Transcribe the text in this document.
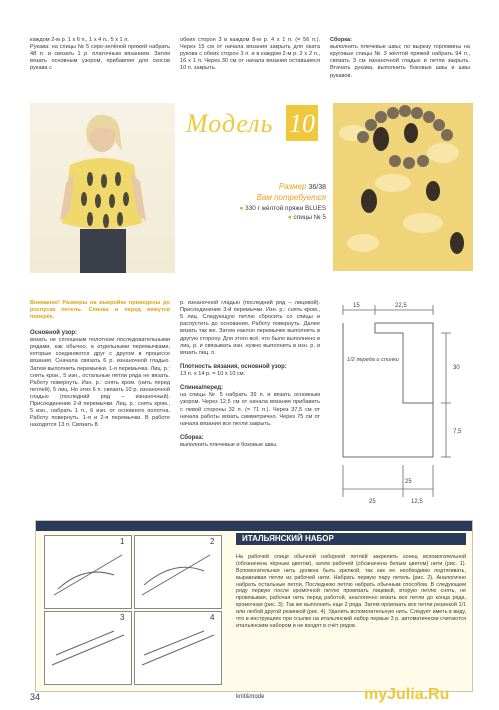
каждом 2-м р. 1 х 6 п., 1 х 4 п., 5 х 1 п.
Рукава: на спицы № 5 серо-зелёной пряжей набрать 48 п. и связать 1 р. платочным вязанием. Затем вязать основным узором, прибавляя для скосов рукава с

обеих сторон 3 в каждом 8-м р. 4 х 1 п. (= 56 п.). Через 15 см от начала вязания закрыть для оката рукова с обеих сторон 3 п. и в каждом 2-м р. 2 х 2 п., 16 х 1 п. Через 30 см от начала вязания оставшиеся 10 п. закрыть.

Сборка:
выполнить плечевые швы; по вырезу горловины на круговые спицы № 3 жёлтой пряжей набрать 94 п., связать 3 см изнаночной гладью и петли закрыть. Втачать рукава, выполнить боковые швы и швы рукавов.

Модель 10
Размер 36/38
Вам потребуется
● 330 г жёлтой пряжи BLUES
● спицы № 5

Внимание! Размеры на выкройке приведены до роспуска петель. Спинка и перед вяжутся поперёк.

Основной узор:
вязать не сплошным полотном последовательными рядами, как обычно, а отдельными перемычками, которые соединяются друг с другом в процессе вязания. Сначала связать 6 р. изнаночной гладью. Затем выполнить перемычки. 1-я перемычка. Лиц. р.: снять крои., 5 изн., остальные петли ряда не вязать. Работу повернуть. Изн. р.: снять кром. (нить перед петлей), 5 лиц. Но этих 6 п. связать 10 р. изнаночной гладью (последний ряд – изнаночный). Присоединение 2-й перемычки. Лиц. р.: снять кром., 5 изн., набрать 1 п., 6 изн. от основного полотна. Работу повернуть. 1-я и 2-я перемычки. В работе находятся 13 п. Связать 8

р. изнаночной гладью (последний ряд – лицевой). Присоединение 3-й перемычки. Изн. р.: снять кром., 5 лиц. Следующую петлю сбросить со спицы и распустить до основания. Работу повернуть. Далее вязать так же. Затем наклон перемычек выполнять в другую сторону. Для этого всё, что было выполнено в лиц. р. и связывать изн. нужно выполнить в изн. р. и вязать лиц. п.

Плотность вязания, основной узор:
13 п. х 14 р. = 10 х 10 см.

Спинка/перед:
на спицы № 5 набрать 39 п. и вязать основным узором. Через 12,5 см от начала вязания прибавить с левой стороны 32 п. (= 71 п.). Через 37,5 см от начала работы вязать симметрично. Через 75 см от начала вязания все петли закрыть.

Сборка:
выполнить плечевые и боковые швы.

15	22,5
30
7,5
25	12,5
25
1/2 переда и спинки
1	2
3	4
ИТАЛЬЯНСКИЙ НАБОР

На рабочей спице обычной наборной петлёй закрепить конец вспомогательной (обозначена чёрным цветом), затем рабочей (обозначена белым цветом) нити (рис. 1). Вспомогательная нить должна быть крепкой, так как ее необходимо подтягивать, выравнивая петли из рабочей нити. Набрать первую пару петель (рис. 2). Аналогично набрать остальные петли. Последнюю петлю набрать обычным способом. В следующем ряду первую после кромочной петлю провязать лицевой, вторую петлю снять, не провязывая, рабочая нить перед работой, аналогично вязать все петли до конца ряда, кромочная (рис. 3). Так же выполнить еще 2 ряда. Затем провязать все петли резинкой 1/1 или любой другой резинкой (рис. 4). Удалить вспомогательную нить. Следует иметь в виду, что в инструкциях при ссылке на итальянский набор первые 3 р. автоматически считаются итальянским набором и не входят в счёт рядов.

34	knit&mode	myJulia.Ru
